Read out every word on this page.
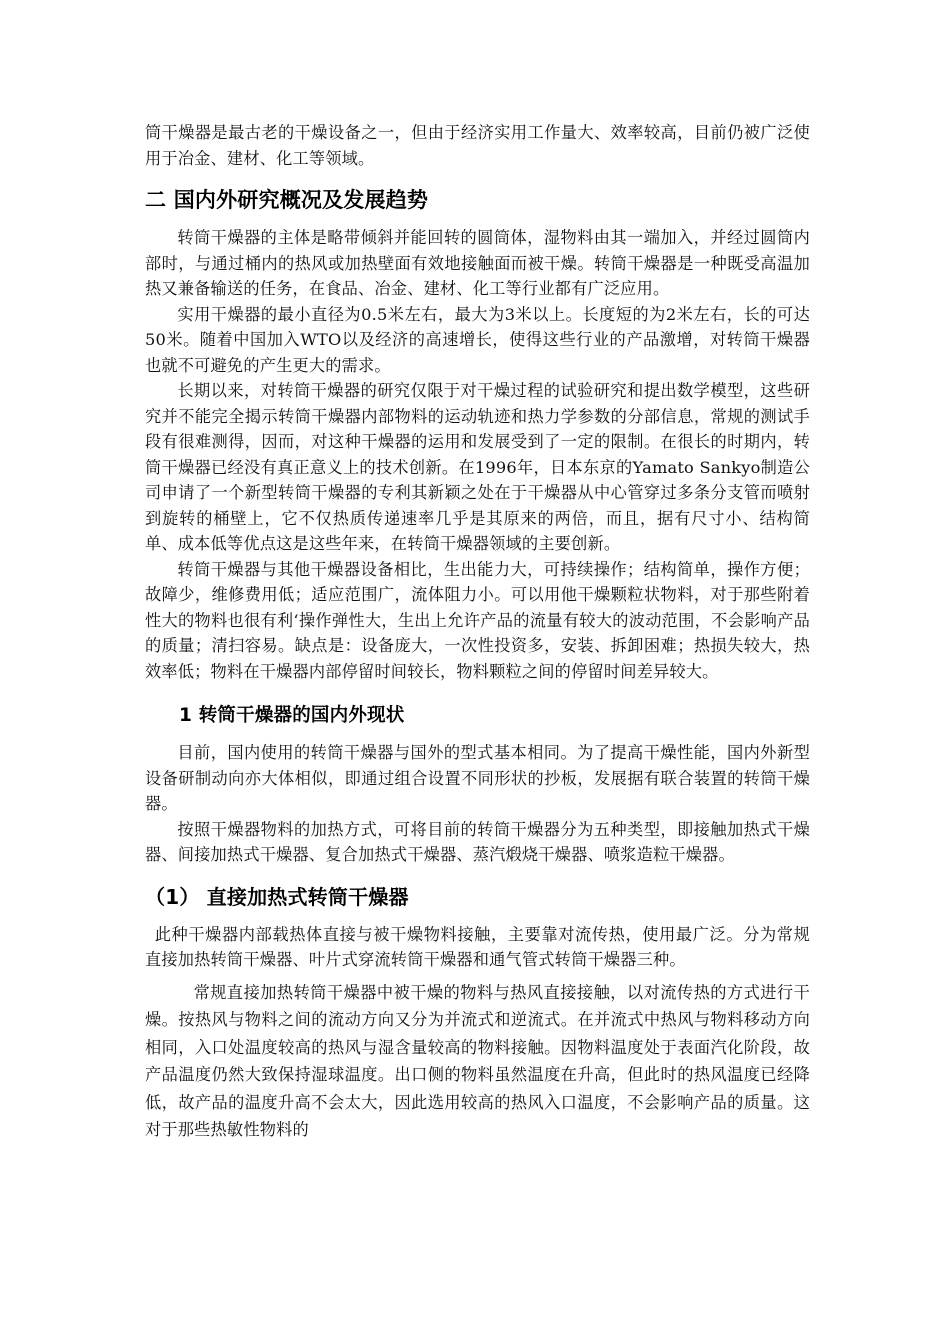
筒干燥器是最古老的干燥设备之一，但由于经济实用工作量大、效率较高，目前仍被广泛使用于冶金、建材、化工等领域。

二 国内外研究概况及发展趋势

转筒干燥器的主体是略带倾斜并能回转的圆筒体，湿物料由其一端加入，并经过圆筒内部时，与通过桶内的热风或加热壁面有效地接触面而被干燥。转筒干燥器是一种既受高温加热又兼备输送的任务，在食品、冶金、建材、化工等行业都有广泛应用。

实用干燥器的最小直径为0.5米左右，最大为3米以上。长度短的为2米左右，长的可达50米。随着中国加入WTO以及经济的高速增长，使得这些行业的产品激增，对转筒干燥器也就不可避免的产生更大的需求。

长期以来，对转筒干燥器的研究仅限于对干燥过程的试验研究和提出数学模型，这些研究并不能完全揭示转筒干燥器内部物料的运动轨迹和热力学参数的分部信息，常规的测试手段有很难测得，因而，对这种干燥器的运用和发展受到了一定的限制。在很长的时期内，转筒干燥器已经没有真正意义上的技术创新。在1996年，日本东京的Yamato Sankyo制造公司申请了一个新型转筒干燥器的专利其新颖之处在于干燥器从中心管穿过多条分支管而喷射到旋转的桶壁上，它不仅热质传递速率几乎是其原来的两倍，而且，据有尺寸小、结构简单、成本低等优点这是这些年来，在转筒干燥器领域的主要创新。

转筒干燥器与其他干燥器设备相比，生出能力大，可持续操作；结构简单，操作方便；故障少，维修费用低；适应范围广，流体阻力小。可以用他干燥颗粒状物料，对于那些附着性大的物料也很有利‘操作弹性大，生出上允许产品的流量有较大的波动范围，不会影响产品的质量；清扫容易。缺点是：设备庞大，一次性投资多，安装、拆卸困难；热损失较大，热效率低；物料在干燥器内部停留时间较长，物料颗粒之间的停留时间差异较大。

1 转筒干燥器的国内外现状

目前，国内使用的转筒干燥器与国外的型式基本相同。为了提高干燥性能，国内外新型设备研制动向亦大体相似，即通过组合设置不同形状的抄板，发展据有联合装置的转筒干燥器。

按照干燥器物料的加热方式，可将目前的转筒干燥器分为五种类型，即接触加热式干燥器、间接加热式干燥器、复合加热式干燥器、蒸汽煅烧干燥器、喷浆造粒干燥器。

（1） 直接加热式转筒干燥器

此种干燥器内部载热体直接与被干燥物料接触，主要靠对流传热，使用最广泛。分为常规直接加热转筒干燥器、叶片式穿流转筒干燥器和通气管式转筒干燥器三种。

常规直接加热转筒干燥器中被干燥的物料与热风直接接触，以对流传热的方式进行干燥。按热风与物料之间的流动方向又分为并流式和逆流式。在并流式中热风与物料移动方向相同，入口处温度较高的热风与湿含量较高的物料接触。因物料温度处于表面汽化阶段，故产品温度仍然大致保持湿球温度。出口侧的物料虽然温度在升高，但此时的热风温度已经降低，故产品的温度升高不会太大，因此选用较高的热风入口温度，不会影响产品的质量。这对于那些热敏性物料的
